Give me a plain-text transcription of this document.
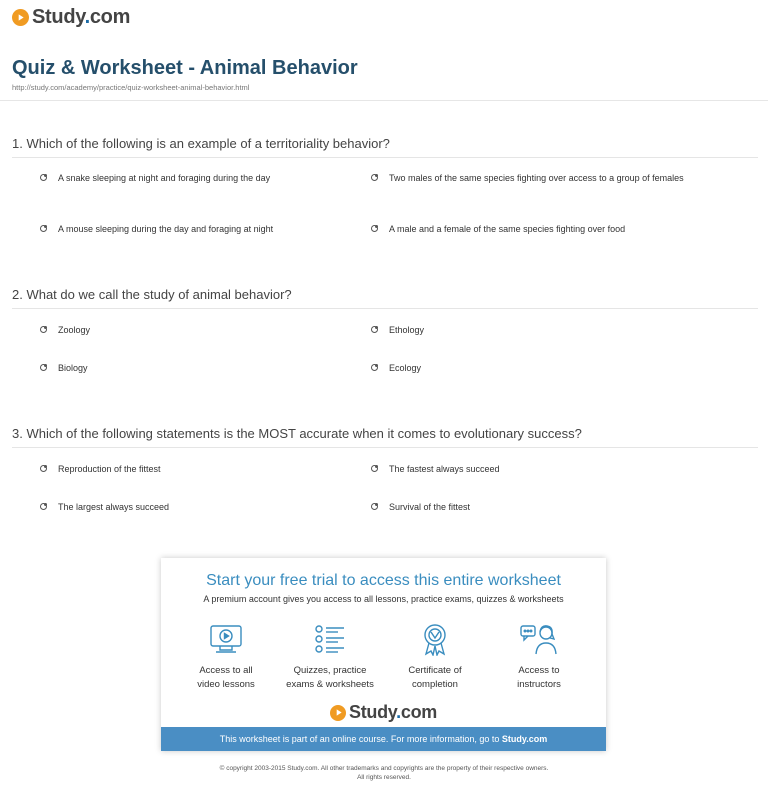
Study.com
Quiz & Worksheet - Animal Behavior
http://study.com/academy/practice/quiz-worksheet-animal-behavior.html
1. Which of the following is an example of a territoriality behavior?
A snake sleeping at night and foraging during the day	Two males of the same species fighting over access to a group of females
A mouse sleeping during the day and foraging at night	A male and a female of the same species fighting over food
2. What do we call the study of animal behavior?
Zoology	Ethology
Biology	Ecology
3. Which of the following statements is the MOST accurate when it comes to evolutionary success?
Reproduction of the fittest	The fastest always succeed
The largest always succeed	Survival of the fittest
Start your free trial to access this entire worksheet
A premium account gives you access to all lessons, practice exams, quizzes & worksheets
Access to all
video lessons
Quizzes, practice
exams & worksheets
Certificate of
completion
Access to
instructors
Study.com
This worksheet is part of an online course. For more information, go to Study.com
© copyright 2003-2015 Study.com. All other trademarks and copyrights are the property of their respective owners.
All rights reserved.
